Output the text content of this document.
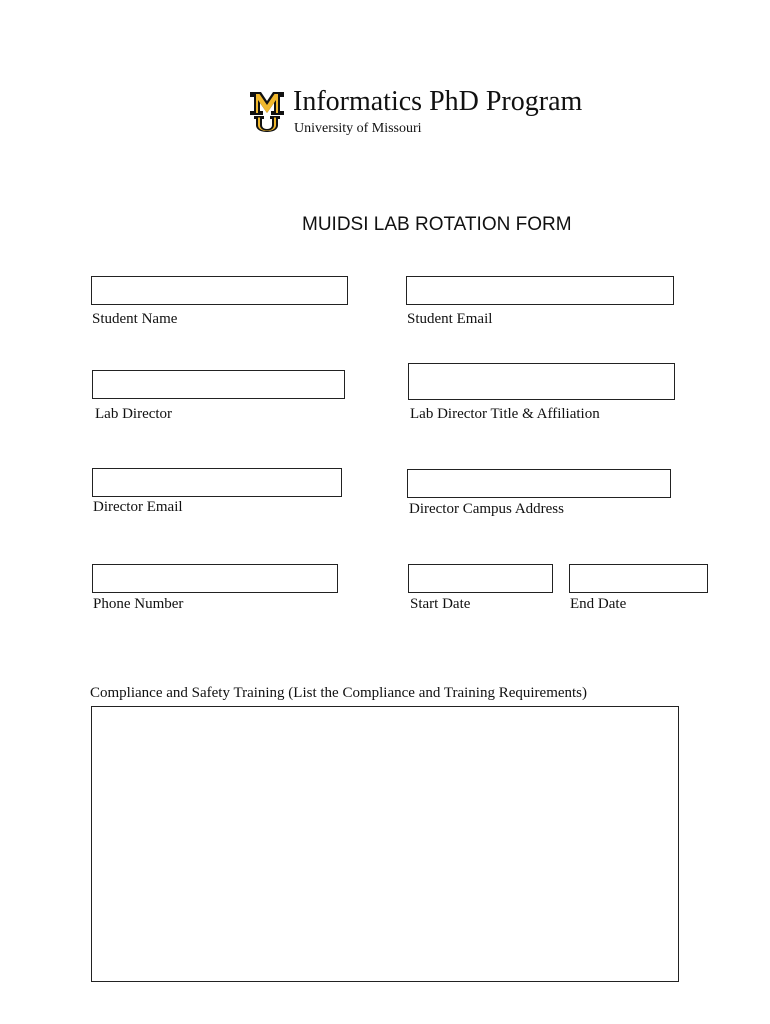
Informatics PhD Program
University of Missouri
MUIDSI LAB ROTATION FORM
Student Name	Student Email
Lab Director	Lab Director Title & Affiliation
Director Email	Director Campus Address
Phone Number	Start Date	End Date
Compliance and Safety Training (List the Compliance and Training Requirements)
